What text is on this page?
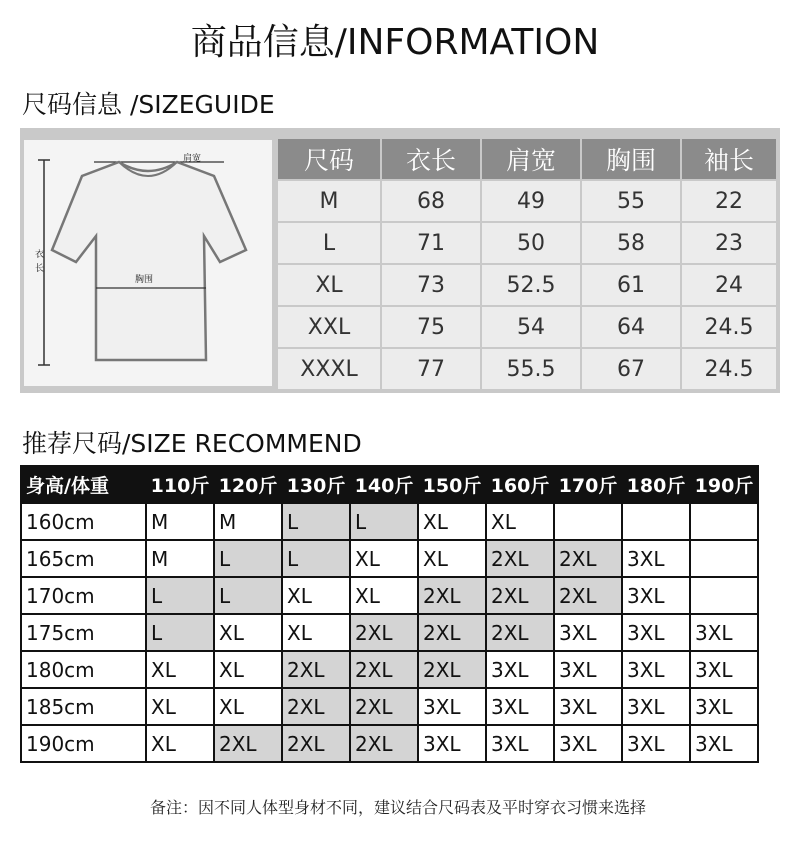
商品信息/INFORMATION
尺码信息 /SIZEGUIDE
肩宽
胸围
衣长
尺码	衣长	肩宽	胸围	袖长
M	68	49	55	22
L	71	50	58	23
XL	73	52.5	61	24
XXL	75	54	64	24.5
XXXL	77	55.5	67	24.5
推荐尺码/SIZE RECOMMEND
身高/体重	110斤	120斤	130斤	140斤	150斤	160斤	170斤	180斤	190斤
160cm	M	M	L	L	XL	XL			
165cm	M	L	L	XL	XL	2XL	2XL	3XL	
170cm	L	L	XL	XL	2XL	2XL	2XL	3XL	
175cm	L	XL	XL	2XL	2XL	2XL	3XL	3XL	3XL
180cm	XL	XL	2XL	2XL	2XL	3XL	3XL	3XL	3XL
185cm	XL	XL	2XL	2XL	3XL	3XL	3XL	3XL	3XL
190cm	XL	2XL	2XL	2XL	3XL	3XL	3XL	3XL	3XL
备注：因不同人体型身材不同，建议结合尺码表及平时穿衣习惯来选择
